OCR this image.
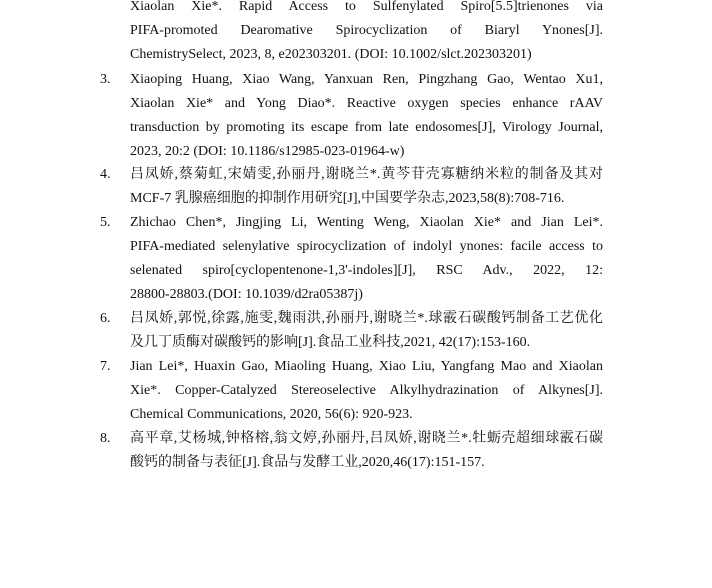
Xiaolan Xie*. Rapid Access to Sulfenylated Spiro[5.5]trienones via
PIFA-promoted Dearomative Spirocyclization of Biaryl Ynones[J].
ChemistrySelect, 2023, 8, e202303201. (DOI: 10.1002/slct.202303201)
3.	Xiaoping Huang, Xiao Wang, Yanxuan Ren, Pingzhang Gao, Wentao Xu1,
Xiaolan Xie* and Yong Diao*. Reactive oxygen species enhance rAAV
transduction by promoting its escape from late endosomes[J], Virology Journal,
2023, 20:2 (DOI: 10.1186/s12985-023-01964-w)
4.	吕凤娇,蔡菊虹,宋婧雯,孙丽丹,谢晓兰*.黄芩苷壳寡糖纳米粒的制备及其对
MCF-7 乳腺癌细胞的抑制作用研究[J],中国要学杂志,2023,58(8):708-716.
5.	Zhichao Chen*, Jingjing Li, Wenting Weng, Xiaolan Xie* and Jian Lei*.
PIFA-mediated selenylative spirocyclization of indolyl ynones: facile access to
selenated spiro[cyclopentenone-1,3'-indoles][J], RSC Adv., 2022, 12:
28800-28803.(DOI: 10.1039/d2ra05387j)
6.	吕凤娇,郭悦,徐露,施雯,魏雨洪,孙丽丹,谢晓兰*.球霰石碳酸钙制备工艺优化
及几丁质酶对碳酸钙的影响[J].食品工业科技,2021, 42(17):153-160.
7.	Jian Lei*, Huaxin Gao, Miaoling Huang, Xiao Liu, Yangfang Mao and Xiaolan
Xie*. Copper-Catalyzed Stereoselective Alkylhydrazination of Alkynes[J].
Chemical Communications, 2020, 56(6): 920-923.
8.	高平章,艾杨城,钟格榕,翁文婷,孙丽丹,吕凤娇,谢晓兰*.牡蛎壳超细球霰石碳
酸钙的制备与表征[J].食品与发酵工业,2020,46(17):151-157.
